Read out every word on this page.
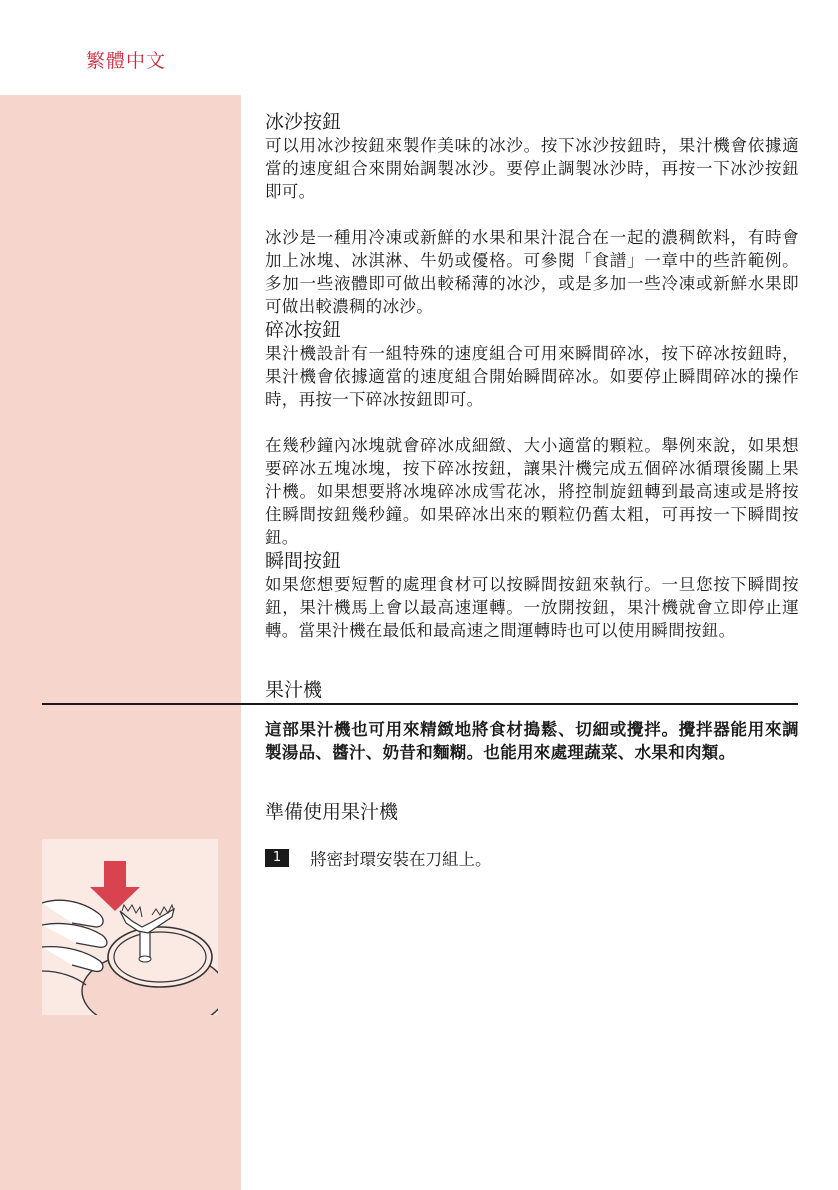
繁體中文
冰沙按鈕

可以用冰沙按鈕來製作美味的冰沙。按下冰沙按鈕時，果汁機會依據適當的速度組合來開始調製冰沙。要停止調製冰沙時，再按一下冰沙按鈕即可。

冰沙是一種用冷凍或新鮮的水果和果汁混合在一起的濃稠飲料，有時會加上冰塊、冰淇淋、牛奶或優格。可參閱「食譜」一章中的些許範例。多加一些液體即可做出較稀薄的冰沙，或是多加一些冷凍或新鮮水果即可做出較濃稠的冰沙。

碎冰按鈕

果汁機設計有一組特殊的速度組合可用來瞬間碎冰，按下碎冰按鈕時，果汁機會依據適當的速度組合開始瞬間碎冰。如要停止瞬間碎冰的操作時，再按一下碎冰按鈕即可。

在幾秒鐘內冰塊就會碎冰成細緻、大小適當的顆粒。舉例來說，如果想要碎冰五塊冰塊，按下碎冰按鈕，讓果汁機完成五個碎冰循環後關上果汁機。如果想要將冰塊碎冰成雪花冰，將控制旋鈕轉到最高速或是將按住瞬間按鈕幾秒鐘。如果碎冰出來的顆粒仍舊太粗，可再按一下瞬間按鈕。

瞬間按鈕

如果您想要短暫的處理食材可以按瞬間按鈕來執行。一旦您按下瞬間按鈕，果汁機馬上會以最高速運轉。一放開按鈕，果汁機就會立即停止運轉。當果汁機在最低和最高速之間運轉時也可以使用瞬間按鈕。

果汁機

這部果汁機也可用來精緻地將食材搗鬆、切細或攪拌。攪拌器能用來調製湯品、醬汁、奶昔和麵糊。也能用來處理蔬菜、水果和肉類。

準備使用果汁機
1	將密封環安裝在刀組上。
